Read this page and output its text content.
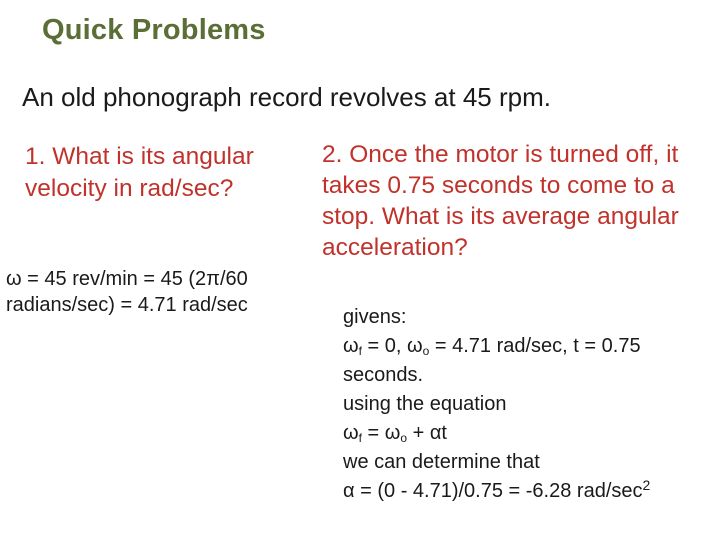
Quick Problems
An old phonograph record revolves at 45 rpm.
1. What is its angular velocity in rad/sec?
ω = 45 rev/min = 45 (2π/60 radians/sec) = 4.71 rad/sec
2. Once the motor is turned off, it takes 0.75 seconds to come to a stop. What is its average angular acceleration?
givens:
$\omega_f = 0$, $\omega_o = 4.71$ rad/sec, t = 0.75
seconds.
using the equation
$\omega_f = \omega_o + \alpha t$
we can determine that
α = (0 - 4.71)/0.75 = -6.28 rad/$\sec^2$
